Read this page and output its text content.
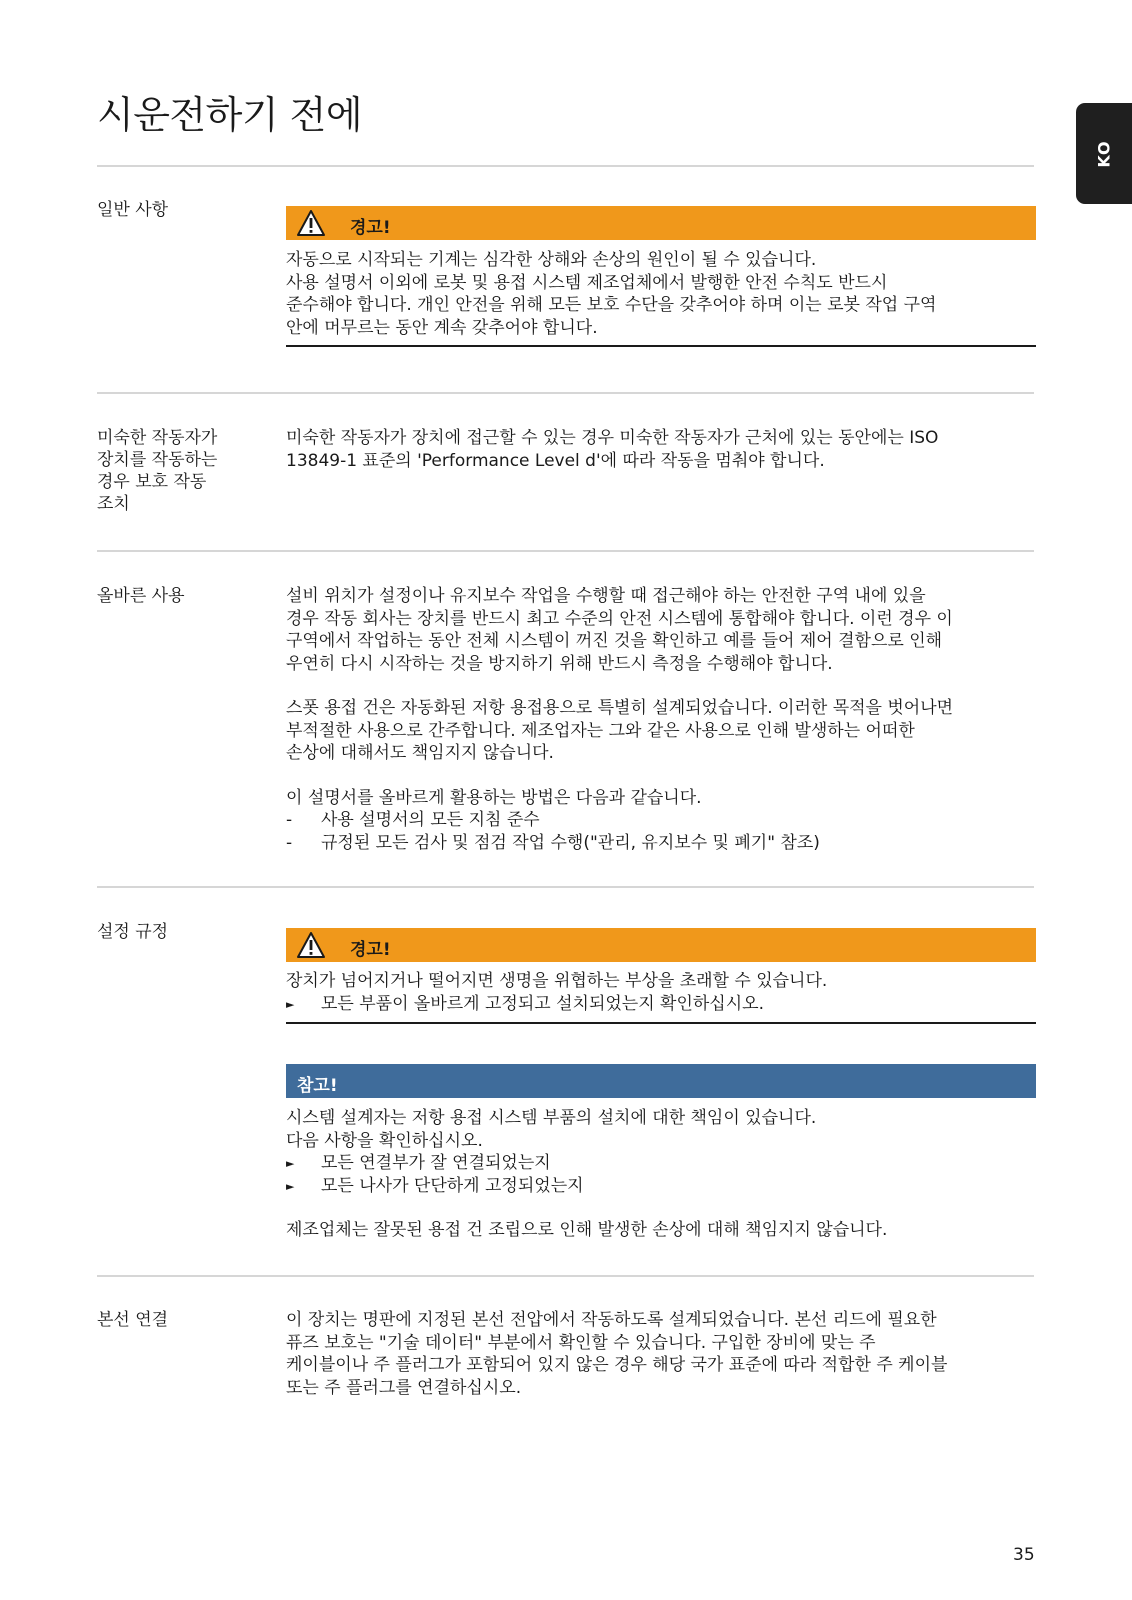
시운전하기 전에
KO
일반 사항
경고!

자동으로 시작되는 기계는 심각한 상해와 손상의 원인이 될 수 있습니다.

사용 설명서 이외에 로봇 및 용접 시스템 제조업체에서 발행한 안전 수칙도 반드시

준수해야 합니다. 개인 안전을 위해 모든 보호 수단을 갖추어야 하며 이는 로봇 작업 구역

안에 머무르는 동안 계속 갖추어야 합니다.

미숙한 작동자가
장치를 작동하는
경우 보호 작동
조치

미숙한 작동자가 장치에 접근할 수 있는 경우 미숙한 작동자가 근처에 있는 동안에는 ISO

13849-1 표준의 'Performance Level d'에 따라 작동을 멈춰야 합니다.

올바른 사용	설비 위치가 설정이나 유지보수 작업을 수행할 때 접근해야 하는 안전한 구역 내에 있을

경우 작동 회사는 장치를 반드시 최고 수준의 안전 시스템에 통합해야 합니다. 이런 경우 이

구역에서 작업하는 동안 전체 시스템이 꺼진 것을 확인하고 예를 들어 제어 결함으로 인해

우연히 다시 시작하는 것을 방지하기 위해 반드시 측정을 수행해야 합니다.

스폿 용접 건은 자동화된 저항 용접용으로 특별히 설계되었습니다. 이러한 목적을 벗어나면

부적절한 사용으로 간주합니다. 제조업자는 그와 같은 사용으로 인해 발생하는 어떠한

손상에 대해서도 책임지지 않습니다.

이 설명서를 올바르게 활용하는 방법은 다음과 같습니다.

- 사용 설명서의 모든 지침 준수

- 규정된 모든 검사 및 점검 작업 수행("관리, 유지보수 및 폐기" 참조)

설정 규정
경고!

장치가 넘어지거나 떨어지면 생명을 위협하는 부상을 초래할 수 있습니다.

► 모든 부품이 올바르게 고정되고 설치되었는지 확인하십시오.

참고!

시스템 설계자는 저항 용접 시스템 부품의 설치에 대한 책임이 있습니다.

다음 사항을 확인하십시오.

► 모든 연결부가 잘 연결되었는지

► 모든 나사가 단단하게 고정되었는지

제조업체는 잘못된 용접 건 조립으로 인해 발생한 손상에 대해 책임지지 않습니다.

본선 연결	이 장치는 명판에 지정된 본선 전압에서 작동하도록 설계되었습니다. 본선 리드에 필요한

퓨즈 보호는 "기술 데이터" 부분에서 확인할 수 있습니다. 구입한 장비에 맞는 주

케이블이나 주 플러그가 포함되어 있지 않은 경우 해당 국가 표준에 따라 적합한 주 케이블

또는 주 플러그를 연결하십시오.

35
